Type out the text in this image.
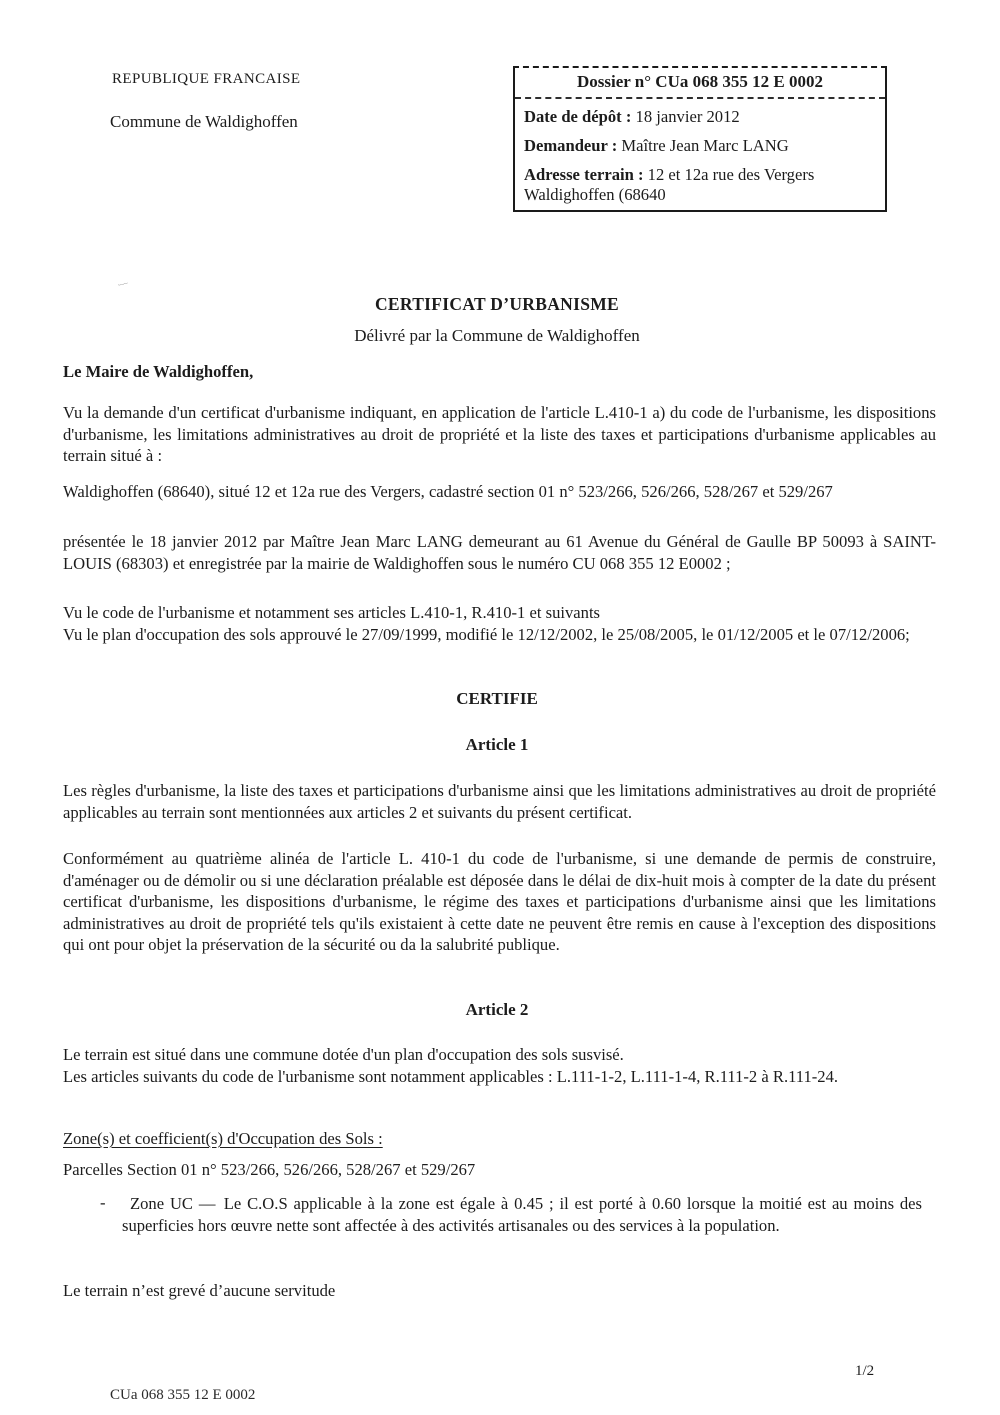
REPUBLIQUE FRANCAISE
Commune de Waldighoffen
Dossier n° CUa 068 355 12 E 0002
Date de dépôt : 18 janvier 2012
Demandeur : Maître Jean Marc LANG
Adresse terrain : 12 et 12a rue des Vergers Waldighoffen (68640
﹏
CERTIFICAT D’URBANISME
Délivré par la Commune de Waldighoffen
Le Maire de Waldighoffen,

Vu la demande d'un certificat d'urbanisme indiquant, en application de l'article L.410-1 a) du code de l'urbanisme, les dispositions d'urbanisme, les limitations administratives au droit de propriété et la liste des taxes et participations d'urbanisme applicables au terrain situé à :

Waldighoffen (68640), situé 12 et 12a rue des Vergers, cadastré section 01 n° 523/266, 526/266, 528/267 et 529/267

présentée le 18 janvier 2012 par Maître Jean Marc LANG demeurant au 61 Avenue du Général de Gaulle BP 50093 à SAINT-LOUIS (68303) et enregistrée par la mairie de Waldighoffen sous le numéro CU 068 355 12 E0002 ;

Vu le code de l'urbanisme et notamment ses articles L.410-1, R.410-1 et suivants

Vu le plan d'occupation des sols approuvé le 27/09/1999, modifié le 12/12/2002, le 25/08/2005, le 01/12/2005 et le 07/12/2006;

CERTIFIE

Article 1

Les règles d'urbanisme, la liste des taxes et participations d'urbanisme ainsi que les limitations administratives au droit de propriété applicables au terrain sont mentionnées aux articles 2 et suivants du présent certificat.

Conformément au quatrième alinéa de l'article L. 410-1 du code de l'urbanisme, si une demande de permis de construire, d'aménager ou de démolir ou si une déclaration préalable est déposée dans le délai de dix-huit mois à compter de la date du présent certificat d'urbanisme, les dispositions d'urbanisme, le régime des taxes et participations d'urbanisme ainsi que les limitations administratives au droit de propriété tels qu'ils existaient à cette date ne peuvent être remis en cause à l'exception des dispositions qui ont pour objet la préservation de la sécurité ou da la salubrité publique.

Article 2

Le terrain est situé dans une commune dotée d'un plan d'occupation des sols susvisé.

Les articles suivants du code de l'urbanisme sont notamment applicables : L.111-1-2, L.111-1-4, R.111-2 à R.111-24.

Zone(s) et coefficient(s) d'Occupation des Sols :
Parcelles Section 01 n° 523/266, 526/266, 528/267 et 529/267
-	Zone UC — Le C.O.S applicable à la zone est égale à 0.45 ; il est porté à 0.60 lorsque la moitié est au moins des superficies hors œuvre nette sont affectée à des activités artisanales ou des services à la population.

Le terrain n’est grevé d’aucune servitude
1/2
CUa 068 355 12 E 0002
